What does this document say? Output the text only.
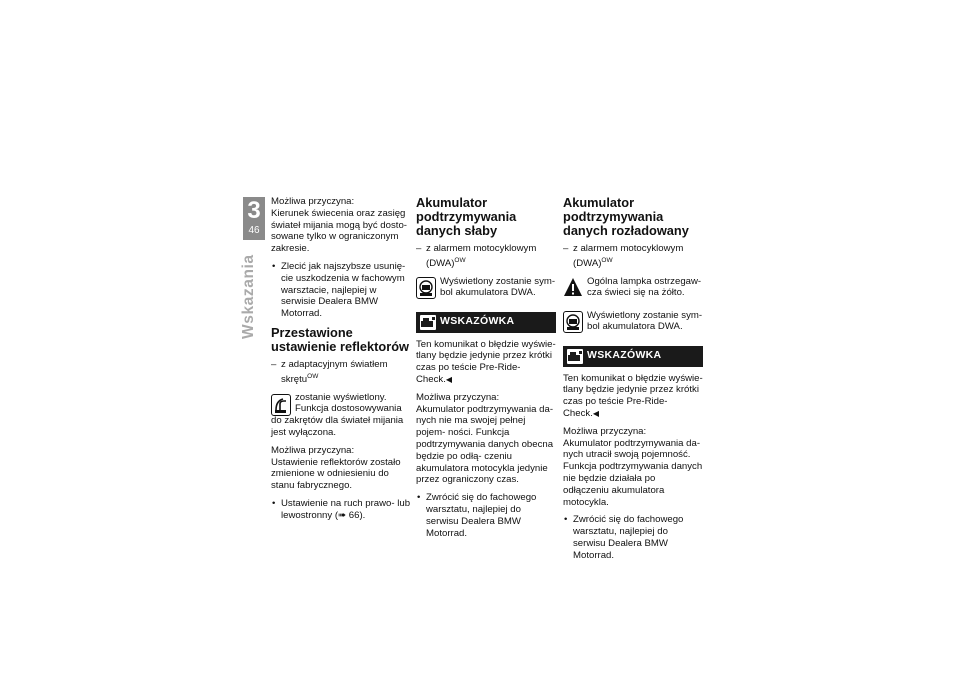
3
46
Wskazania

Możliwa przyczyna:

Kierunek świecenia oraz zasięg świateł mijania mogą być dosto- sowane tylko w ograniczonym zakresie.

• Zlecić jak najszybsze usunię- cie uszkodzenia w fachowym warsztacie, najlepiej w serwisie Dealera BMW Motorrad.
Przestawione ustawienie reflektorów
– z adaptacyjnym światłem skrętu$^{OW}$
zostanie wyświetlony. Funkcja dostosowywania do zakrętów dla świateł mijania jest wyłączona.

Możliwa przyczyna:

Ustawienie reflektorów zostało zmienione w odniesieniu do stanu fabrycznego.

• Ustawienie na ruch prawo- lub lewostronny (➠ 66).
Akumulator podtrzymywania danych słaby
– z alarmem motocyklowym (DWA)$^{OW}$
Wyświetlony zostanie sym- bol akumulatora DWA.
WSKAZÓWKA

Ten komunikat o błędzie wyświe- tlany będzie jedynie przez krótki czas po teście Pre-Ride-Check.◀

Możliwa przyczyna:

Akumulator podtrzymywania da- nych nie ma swojej pełnej pojem- ności. Funkcja podtrzymywania danych obecna będzie po odłą- czeniu akumulatora motocykla jedynie przez ograniczony czas.

• Zwrócić się do fachowego warsztatu, najlepiej do serwisu Dealera BMW Motorrad.
Akumulator podtrzymywania danych rozładowany
– z alarmem motocyklowym (DWA)$^{OW}$
Ogólna lampka ostrzegaw- cza świeci się na żółto.
Wyświetlony zostanie sym- bol akumulatora DWA.
WSKAZÓWKA

Ten komunikat o błędzie wyświe- tlany będzie jedynie przez krótki czas po teście Pre-Ride-Check.◀

Możliwa przyczyna:

Akumulator podtrzymywania da- nych utracił swoją pojemność. Funkcja podtrzymywania danych nie będzie działała po odłączeniu akumulatora motocykla.

• Zwrócić się do fachowego warsztatu, najlepiej do serwisu Dealera BMW Motorrad.
